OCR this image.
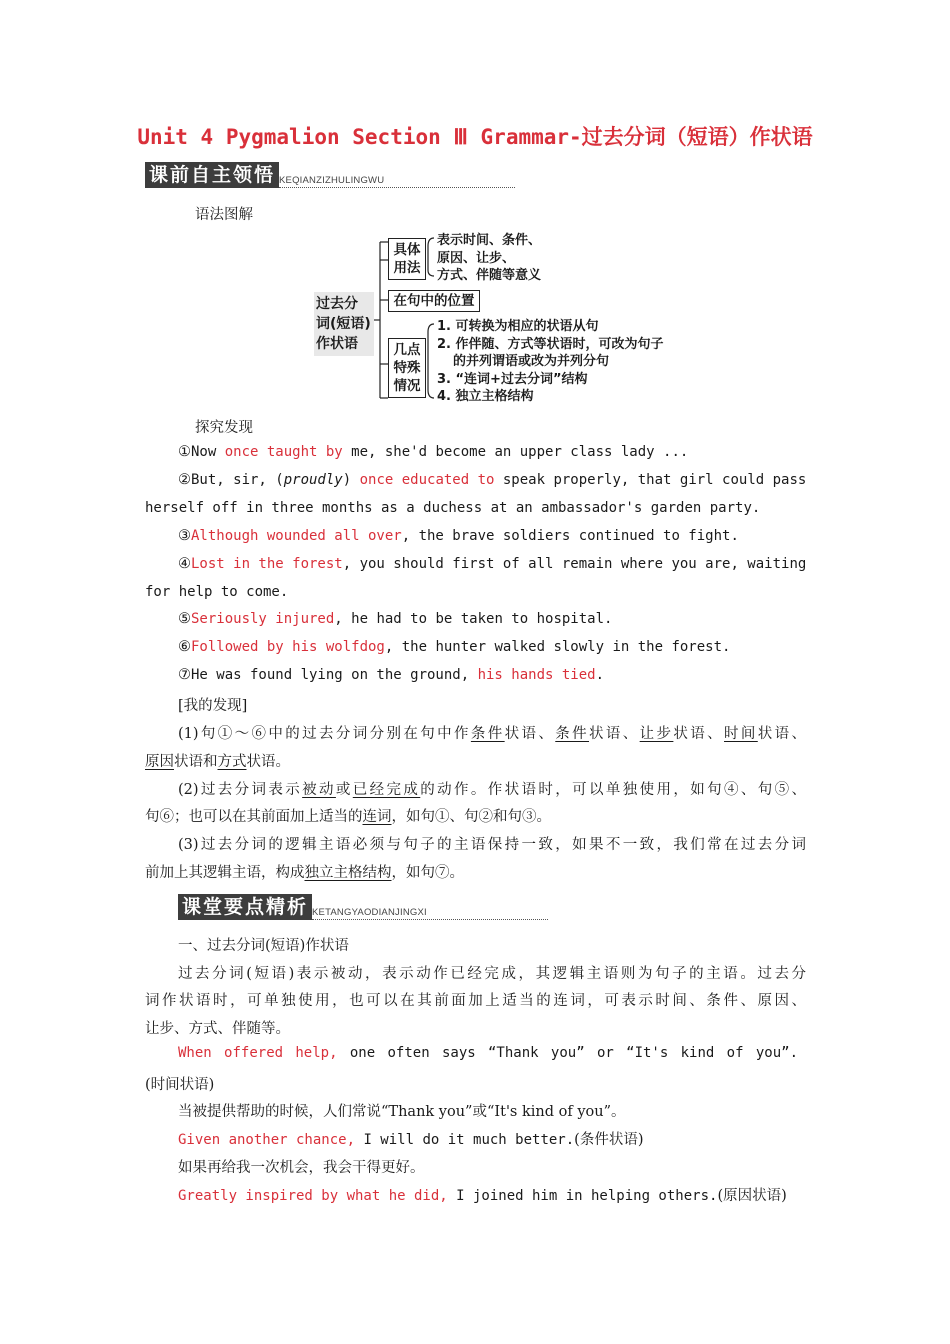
Unit 4 Pygmalion Section Ⅲ Grammar-过去分词（短语）作状语
课前自主领悟 KEQIANZIZHULINGWU
语法图解
过去分
词(短语)
作状语
具体
用法
表示时间、条件、
原因、让步、
方式、伴随等意义
在句中的位置
几点
特殊
情况
1. 可转换为相应的状语从句
2. 作伴随、方式等状语时，可改为句子
的并列谓语或改为并列分句
3. “连词+过去分词”结构
4. 独立主格结构
探究发现
①Now once taught by me, she'd become an upper class lady ...
②But, sir, (proudly) once educated to speak properly, that girl could pass
herself off in three months as a duchess at an ambassador's garden party.
③Although wounded all over, the brave soldiers continued to fight.
④Lost in the forest, you should first of all remain where you are, waiting
for help to come.
⑤Seriously injured, he had to be taken to hospital.
⑥Followed by his wolfdog, the hunter walked slowly in the forest.
⑦He was found lying on the ground, his hands tied.
[我的发现]
(1)句①～⑥中的过去分词分别在句中作条件状语、条件状语、让步状语、时间状语、
原因状语和方式状语。
(2)过去分词表示被动或已经完成的动作。作状语时，可以单独使用，如句④、句⑤、
句⑥；也可以在其前面加上适当的连词，如句①、句②和句③。
(3)过去分词的逻辑主语必须与句子的主语保持一致，如果不一致，我们常在过去分词
前加上其逻辑主语，构成独立主格结构，如句⑦。
课堂要点精析 KETANGYAODIANJINGXI
一、过去分词(短语)作状语
过去分词(短语)表示被动，表示动作已经完成，其逻辑主语则为句子的主语。过去分
词作状语时，可单独使用，也可以在其前面加上适当的连词，可表示时间、条件、原因、
让步、方式、伴随等。
When offered help, one often says “Thank you” or “It's kind of you”.
(时间状语)
当被提供帮助的时候，人们常说“Thank you”或“It's kind of you”。
Given another chance, I will do it much better.(条件状语)
如果再给我一次机会，我会干得更好。
Greatly inspired by what he did, I joined him in helping others.(原因状语)
